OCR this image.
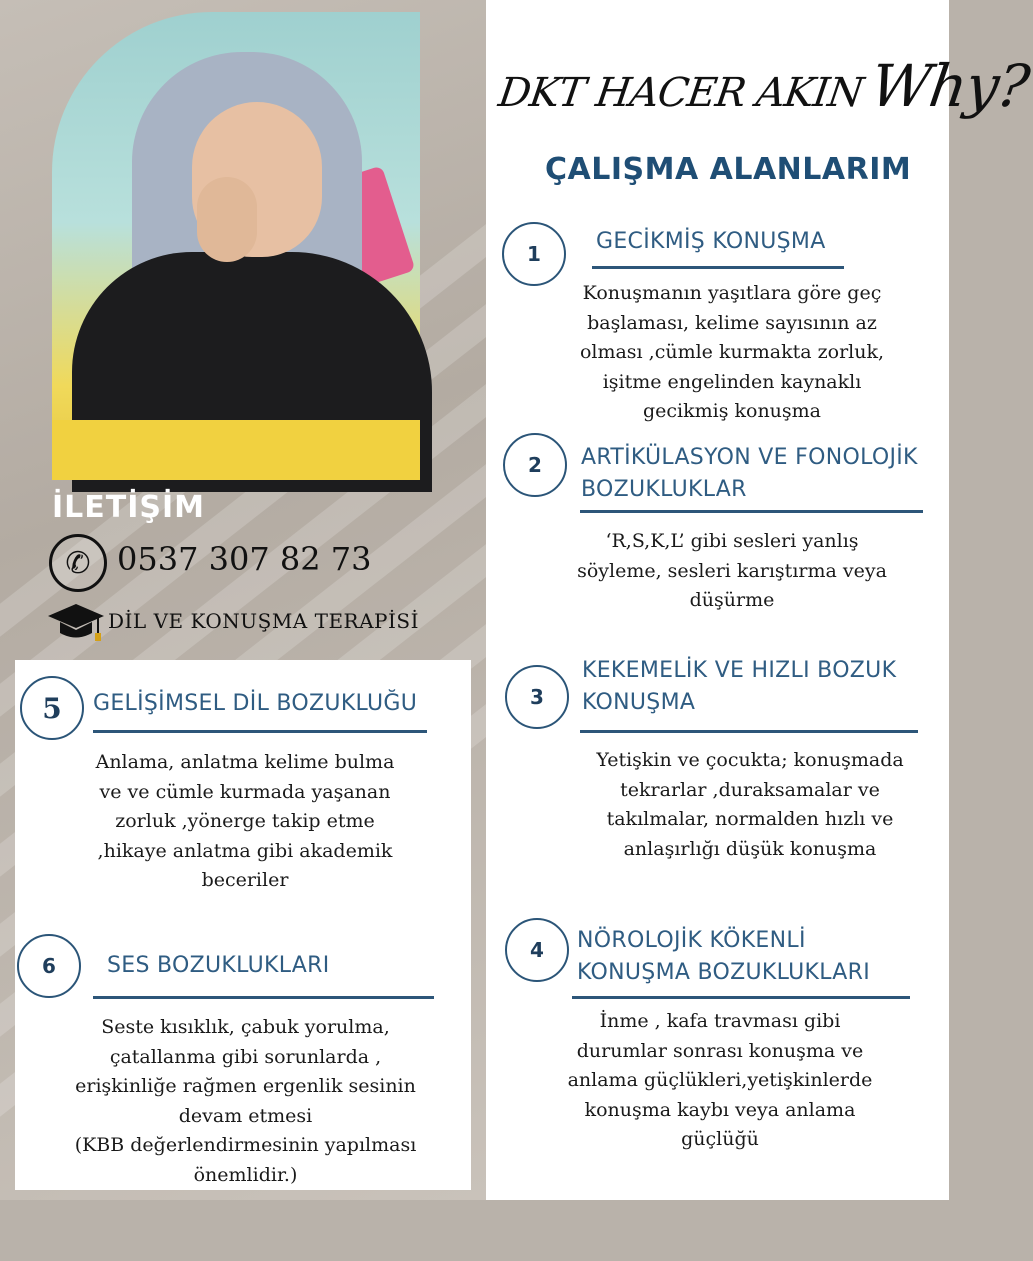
İLETİŞİM
✆ 0537 307 82 73
DİL VE KONUŞMA TERAPİSİ
DKT HACER AKINWhy?
ÇALIŞMA ALANLARIM
1	GECİKMİŞ KONUŞMA
Konuşmanın yaşıtlara göre geç
başlaması, kelime sayısının az
olması ,cümle kurmakta zorluk,
işitme engelinden kaynaklı
gecikmiş konuşma
2	ARTİKÜLASYON VE FONOLOJİK
BOZUKLUKLAR
‘R,S,K,L’ gibi sesleri yanlış
söyleme, sesleri karıştırma veya
düşürme
3
KEKEMELİK VE HIZLI BOZUK
KONUŞMA
Yetişkin ve çocukta; konuşmada
tekrarlar ,duraksamalar ve
takılmalar, normalden hızlı ve
anlaşırlığı düşük konuşma
4	NÖROLOJİK KÖKENLİ
KONUŞMA BOZUKLUKLARI
İnme , kafa travması gibi
durumlar sonrası konuşma ve
anlama güçlükleri,yetişkinlerde
konuşma kaybı veya anlama
güçlüğü
5	GELİŞİMSEL DİL BOZUKLUĞU
Anlama, anlatma kelime bulma
ve ve cümle kurmada yaşanan
zorluk ,yönerge takip etme
,hikaye anlatma gibi akademik
beceriler
6	SES BOZUKLUKLARI
Seste kısıklık, çabuk yorulma,
çatallanma gibi sorunlarda ,
erişkinliğe rağmen ergenlik sesinin
devam etmesi
(KBB değerlendirmesinin yapılması
önemlidir.)
